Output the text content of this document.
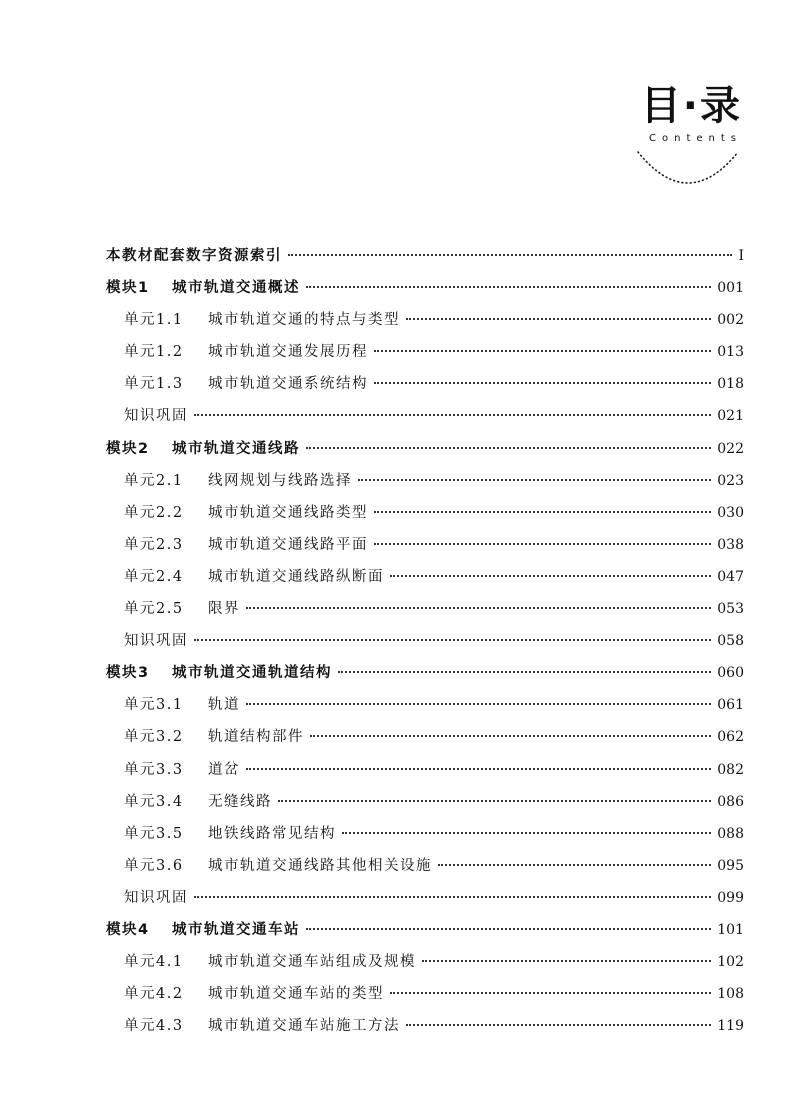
目·录
Contents
本教材配套数字资源索引	I
模块1 城市轨道交通概述	001
单元1.1 城市轨道交通的特点与类型	002
单元1.2 城市轨道交通发展历程	013
单元1.3 城市轨道交通系统结构	018
知识巩固	021
模块2 城市轨道交通线路	022
单元2.1 线网规划与线路选择	023
单元2.2 城市轨道交通线路类型	030
单元2.3 城市轨道交通线路平面	038
单元2.4 城市轨道交通线路纵断面	047
单元2.5 限界	053
知识巩固	058
模块3 城市轨道交通轨道结构	060
单元3.1 轨道	061
单元3.2 轨道结构部件	062
单元3.3 道岔	082
单元3.4 无缝线路	086
单元3.5 地铁线路常见结构	088
单元3.6 城市轨道交通线路其他相关设施	095
知识巩固	099
模块4 城市轨道交通车站	101
单元4.1 城市轨道交通车站组成及规模	102
单元4.2 城市轨道交通车站的类型	108
单元4.3 城市轨道交通车站施工方法	119
